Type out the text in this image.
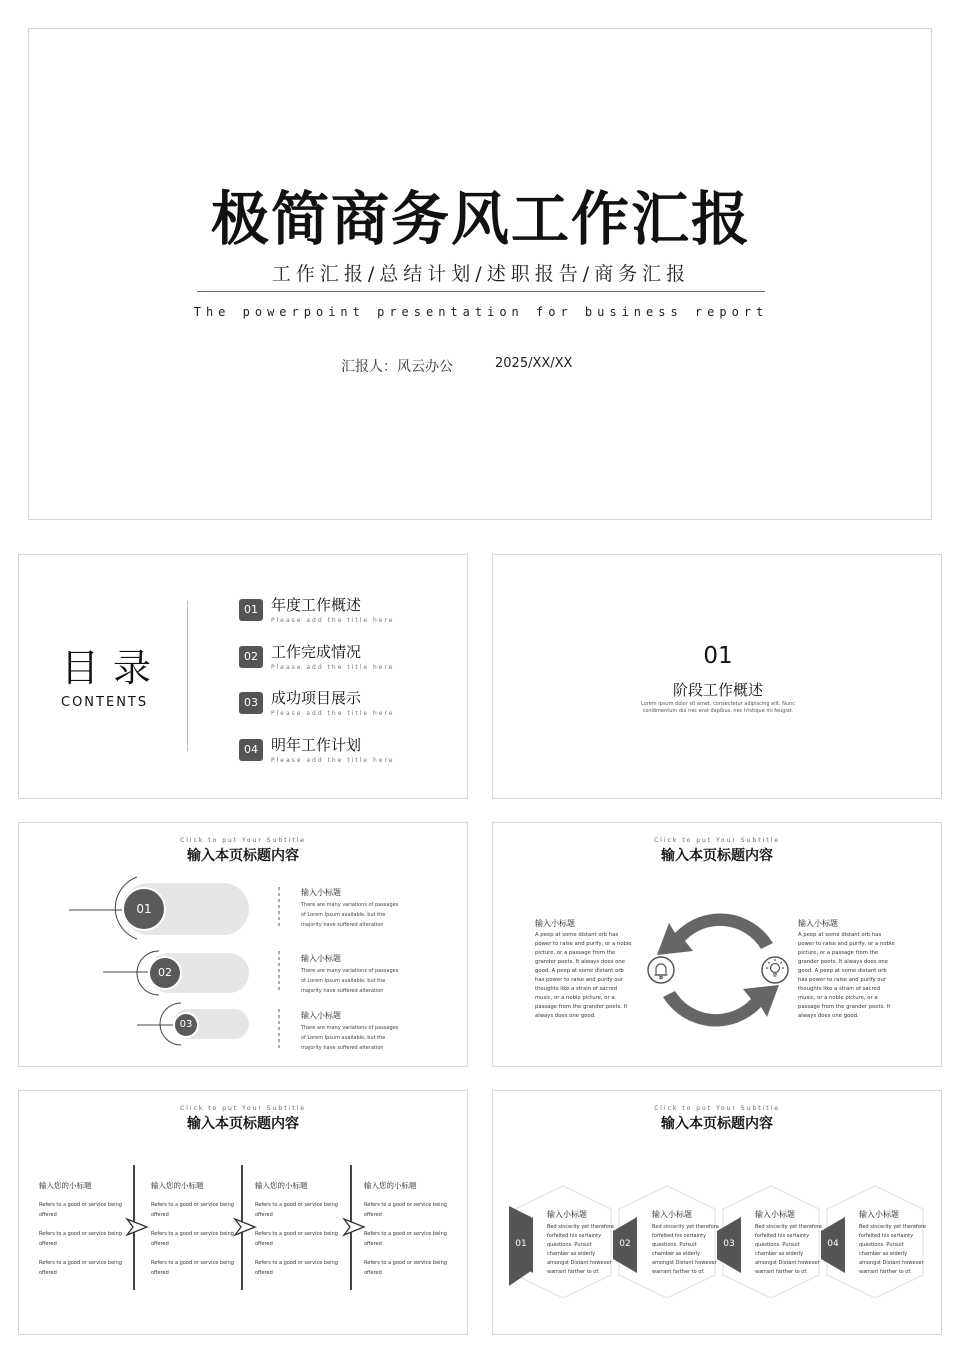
极简商务风工作汇报
工作汇报/总结计划/述职报告/商务汇报
The powerpoint presentation for business report
汇报人：风云办公	2025/XX/XX
目录
CONTENTS
01 年度工作概述
Please add the title here
02 工作完成情况
Please add the title here
03 成功项目展示
Please add the title here
04 明年工作计划
Please add the title here
01
阶段工作概述
Lorem ipsum dolor sit amet, consectetur adipiscing elit. Nunc condimentum dui nec erat dapibus, nec tristique mi feugiat.
Click to put Your Subtitle
输入本页标题内容
01
02
03
输入小标题
There are many variations of passages of Lorem Ipsum available, but the majority have suffered alteration
输入小标题
There are many variations of passages of Lorem Ipsum available, but the majority have suffered alteration
输入小标题
There are many variations of passages of Lorem Ipsum available, but the majority have suffered alteration
Click to put Your Subtitle
输入本页标题内容
输入小标题
A peep at some distant orb has power to raise and purify, or a noble picture, or a passage from the grander poets. It always does one good. A peep at some distant orb has power to raise and purify our thoughts like a strain of sacred music, or a noble picture, or a passage from the grander poets. It always does one good.
输入小标题
A peep at some distant orb has power to raise and purify, or a noble picture, or a passage from the grander poets. It always does one good. A peep at some distant orb has power to raise and purify our thoughts like a strain of sacred music, or a noble picture, or a passage from the grander poets. It always does one good.
Click to put Your Subtitle
输入本页标题内容
输入您的小标题
Refers to a good or service being offered
Refers to a good or service being offered
Refers to a good or service being offered
输入您的小标题
Refers to a good or service being offered
Refers to a good or service being offered
Refers to a good or service being offered
输入您的小标题
Refers to a good or service being offered
Refers to a good or service being offered
Refers to a good or service being offered
输入您的小标题
Refers to a good or service being offered
Refers to a good or service being offered
Refers to a good or service being offered
Click to put Your Subtitle
输入本页标题内容
01	02	03	04
输入小标题
Bed sincerity yet therefore forfeited his certainty questions. Pursuit chamber as elderly amongst Distant however warrant farther to of.
输入小标题
Bed sincerity yet therefore forfeited his certainty questions. Pursuit chamber as elderly amongst Distant however warrant farther to of.
输入小标题
Bed sincerity yet therefore forfeited his certainty questions. Pursuit chamber as elderly amongst Distant however warrant farther to of.
输入小标题
Bed sincerity yet therefore forfeited his certainty questions. Pursuit chamber as elderly amongst Distant however warrant farther to of.
